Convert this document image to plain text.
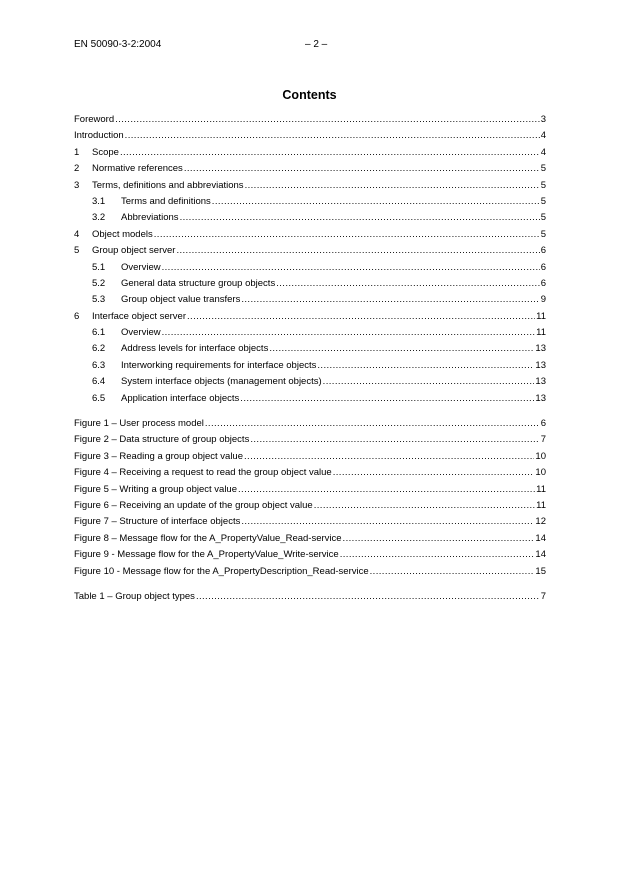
EN 50090-3-2:2004	– 2 –
Contents
Foreword .....	3
Introduction .....	4
1	Scope .....	4
2	Normative references .....	5
3	Terms, definitions and abbreviations .....	5
3.1	Terms and definitions .....	5
3.2	Abbreviations .....	5
4	Object models .....	5
5	Group object server .....	6
5.1	Overview .....	6
5.2	General data structure group objects .....	6
5.3	Group object value transfers .....	9
6	Interface object server .....	11
6.1	Overview .....	11
6.2	Address levels for interface objects .....	13
6.3	Interworking requirements for interface objects .....	13
6.4	System interface objects (management objects) .....	13
6.5	Application interface objects .....	13
Figure 1 – User process model .....	6
Figure 2 – Data structure of group objects .....	7
Figure 3 – Reading a group object value .....	10
Figure 4 – Receiving a request to read the group object value .....	10
Figure 5 – Writing a group object value .....	11
Figure 6 – Receiving an update of the group object value .....	11
Figure 7 – Structure of interface objects .....	12
Figure 8 – Message flow for the A_PropertyValue_Read-service .....	14
Figure 9 - Message flow for the A_PropertyValue_Write-service .....	14
Figure 10 - Message flow for the A_PropertyDescription_Read-service .....	15
Table 1 – Group object types .....	7
